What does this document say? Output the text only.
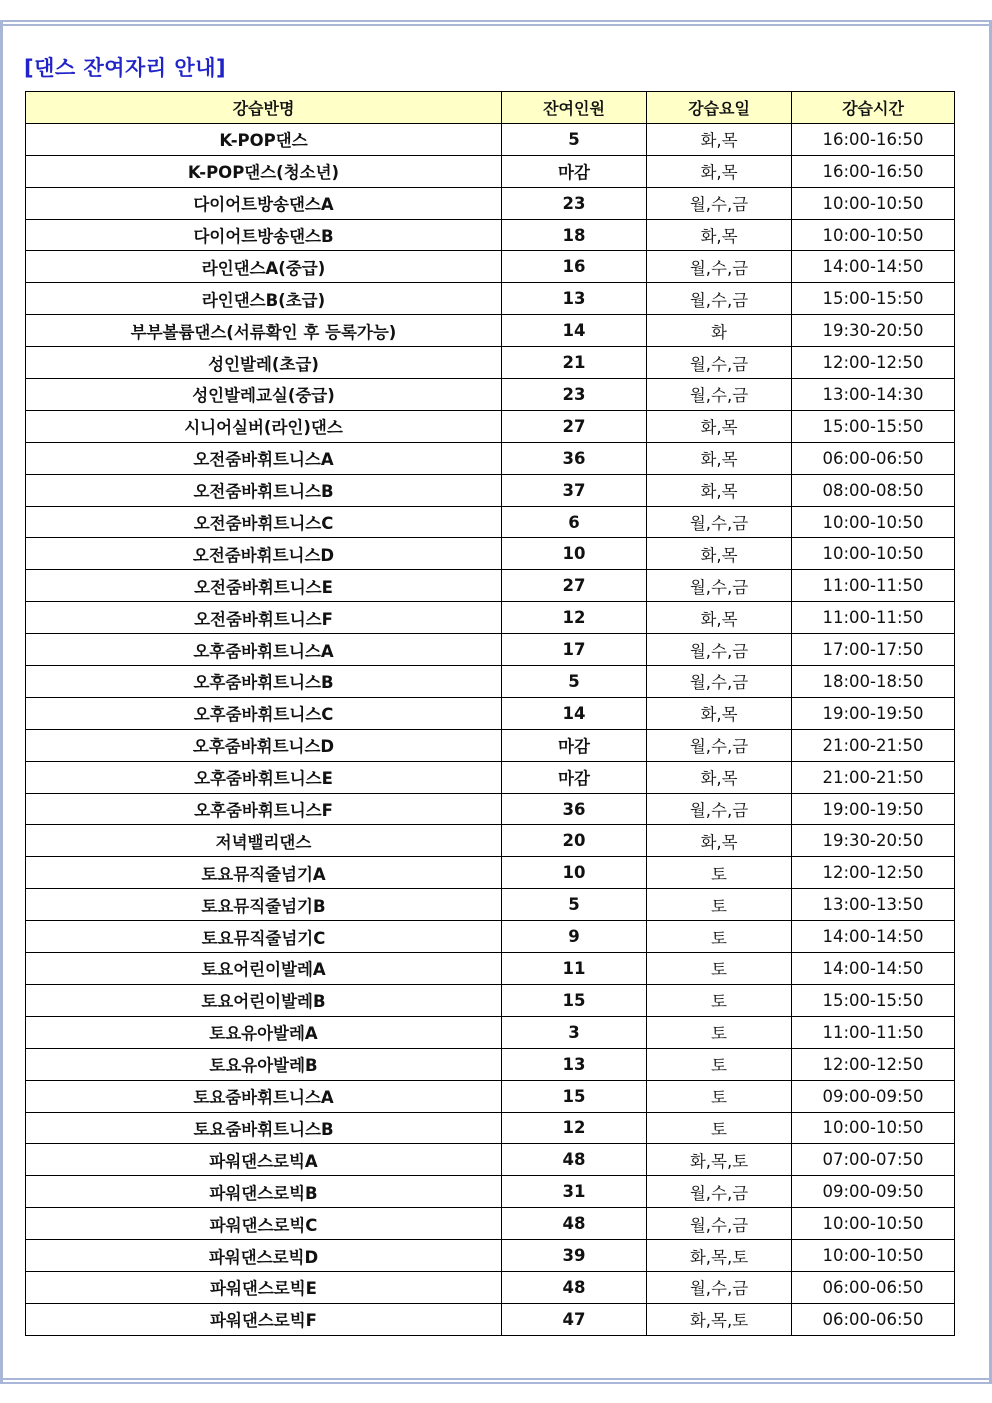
[댄스 잔여자리 안내]
강습반명	잔여인원	강습요일	강습시간
K-POP댄스	5	화,목	16:00-16:50
K-POP댄스(청소년)	마감	화,목	16:00-16:50
다이어트방송댄스A	23	월,수,금	10:00-10:50
다이어트방송댄스B	18	화,목	10:00-10:50
라인댄스A(중급)	16	월,수,금	14:00-14:50
라인댄스B(초급)	13	월,수,금	15:00-15:50
부부볼륨댄스(서류확인 후 등록가능)	14	화	19:30-20:50
성인발레(초급)	21	월,수,금	12:00-12:50
성인발레교실(중급)	23	월,수,금	13:00-14:30
시니어실버(라인)댄스	27	화,목	15:00-15:50
오전줌바휘트니스A	36	화,목	06:00-06:50
오전줌바휘트니스B	37	화,목	08:00-08:50
오전줌바휘트니스C	6	월,수,금	10:00-10:50
오전줌바휘트니스D	10	화,목	10:00-10:50
오전줌바휘트니스E	27	월,수,금	11:00-11:50
오전줌바휘트니스F	12	화,목	11:00-11:50
오후줌바휘트니스A	17	월,수,금	17:00-17:50
오후줌바휘트니스B	5	월,수,금	18:00-18:50
오후줌바휘트니스C	14	화,목	19:00-19:50
오후줌바휘트니스D	마감	월,수,금	21:00-21:50
오후줌바휘트니스E	마감	화,목	21:00-21:50
오후줌바휘트니스F	36	월,수,금	19:00-19:50
저녁밸리댄스	20	화,목	19:30-20:50
토요뮤직줄넘기A	10	토	12:00-12:50
토요뮤직줄넘기B	5	토	13:00-13:50
토요뮤직줄넘기C	9	토	14:00-14:50
토요어린이발레A	11	토	14:00-14:50
토요어린이발레B	15	토	15:00-15:50
토요유아발레A	3	토	11:00-11:50
토요유아발레B	13	토	12:00-12:50
토요줌바휘트니스A	15	토	09:00-09:50
토요줌바휘트니스B	12	토	10:00-10:50
파워댄스로빅A	48	화,목,토	07:00-07:50
파워댄스로빅B	31	월,수,금	09:00-09:50
파워댄스로빅C	48	월,수,금	10:00-10:50
파워댄스로빅D	39	화,목,토	10:00-10:50
파워댄스로빅E	48	월,수,금	06:00-06:50
파워댄스로빅F	47	화,목,토	06:00-06:50
